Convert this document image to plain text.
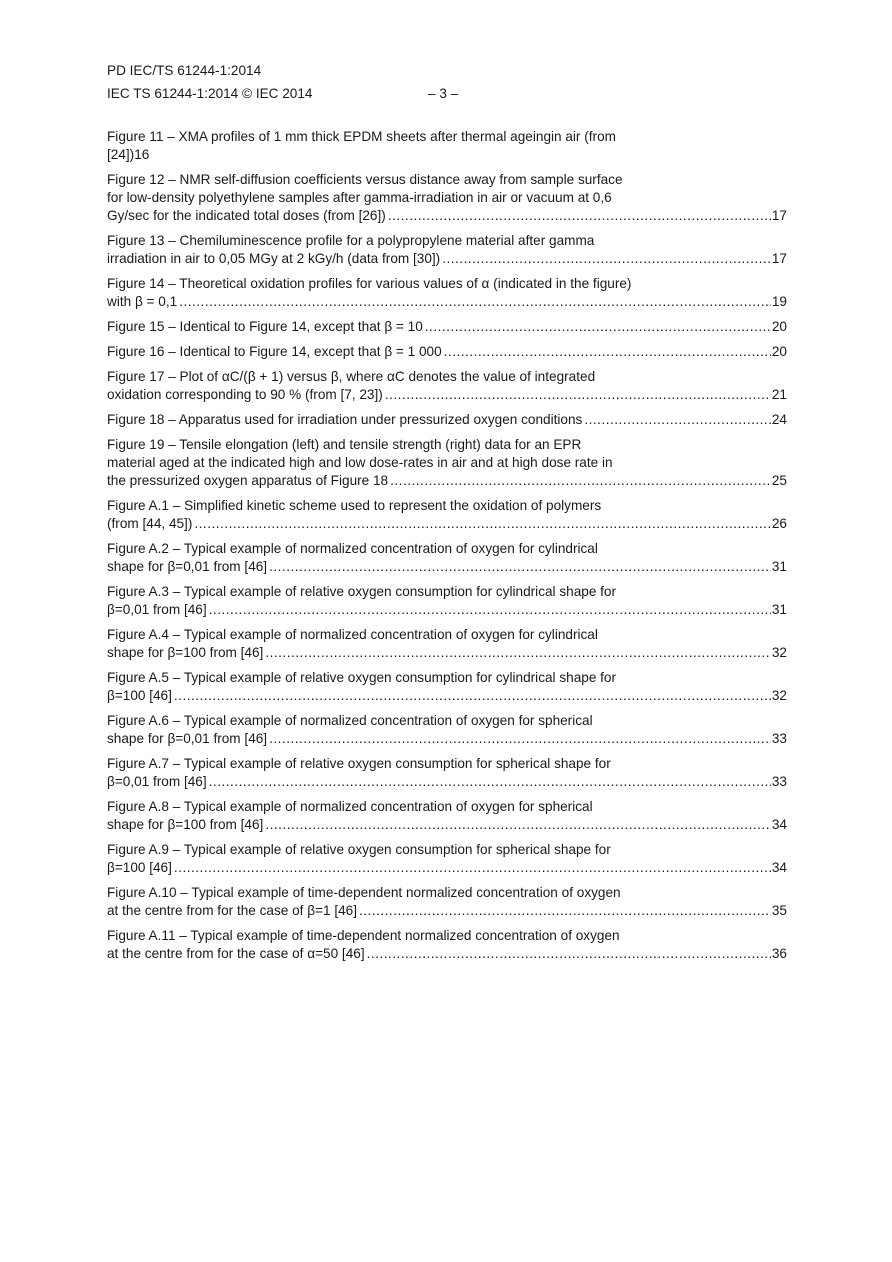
PD IEC/TS 61244-1:2014
IEC TS 61244-1:2014 © IEC 2014	– 3 –
Figure 11 – XMA profiles of 1 mm thick EPDM sheets after thermal ageingin air (from
[24]) 16
Figure 12 – NMR self-diffusion coefficients versus distance away from sample surface
for low-density polyethylene samples after gamma-irradiation in air or vacuum at 0,6
Gy/sec for the indicated total doses (from [26]) .....	17
Figure 13 – Chemiluminescence profile for a polypropylene material after gamma
irradiation in air to 0,05 MGy at 2 kGy/h (data from [30]) .....	17
Figure 14 – Theoretical oxidation profiles for various values of α (indicated in the figure)
with β = 0,1 .....	19
Figure 15 – Identical to Figure 14, except that β = 10 .....	20
Figure 16 – Identical to Figure 14, except that β = 1 000 .....	20
Figure 17 – Plot of αC/(β + 1) versus β, where αC denotes the value of integrated
oxidation corresponding to 90 % (from [7, 23]) .....	21
Figure 18 – Apparatus used for irradiation under pressurized oxygen conditions .....	24
Figure 19 – Tensile elongation (left) and tensile strength (right) data for an EPR
material aged at the indicated high and low dose-rates in air and at high dose rate in
the pressurized oxygen apparatus of Figure 18 .....	25
Figure A.1 – Simplified kinetic scheme used to represent the oxidation of polymers
(from [44, 45]) .....	26
Figure A.2 – Typical example of normalized concentration of oxygen for cylindrical
shape for β=0,01 from [46] .....	31
Figure A.3 – Typical example of relative oxygen consumption for cylindrical shape for
β=0,01 from [46] .....	31
Figure A.4 – Typical example of normalized concentration of oxygen for cylindrical
shape for β=100 from [46] .....	32
Figure A.5 – Typical example of relative oxygen consumption for cylindrical shape for
β=100 [46] .....	32
Figure A.6 – Typical example of normalized concentration of oxygen for spherical
shape for β=0,01 from [46] .....	33
Figure A.7 – Typical example of relative oxygen consumption for spherical shape for
β=0,01 from [46] .....	33
Figure A.8 – Typical example of normalized concentration of oxygen for spherical
shape for β=100 from [46] .....	34
Figure A.9 – Typical example of relative oxygen consumption for spherical shape for
β=100 [46] .....	34
Figure A.10 – Typical example of time-dependent normalized concentration of oxygen
at the centre from for the case of β=1 [46] .....	35
Figure A.11 – Typical example of time-dependent normalized concentration of oxygen
at the centre from for the case of α=50 [46] .....	36
